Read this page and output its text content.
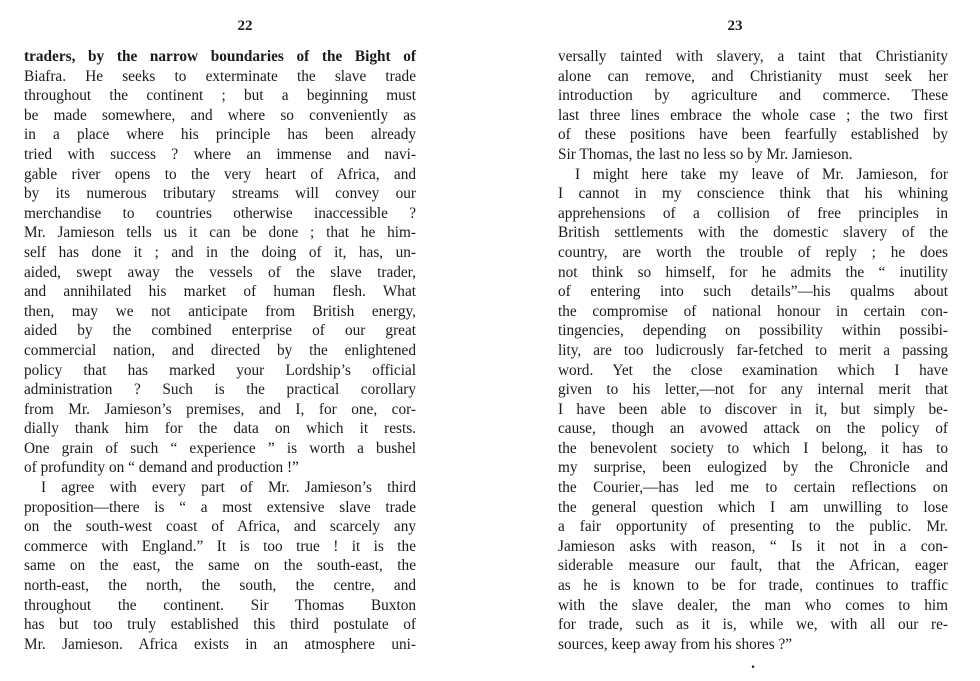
22
traders, by the narrow boundaries of the Bight of
Biafra. He seeks to exterminate the slave trade
throughout the continent ; but a beginning must
be made somewhere, and where so conveniently as
in a place where his principle has been already
tried with success ? where an immense and navi-
gable river opens to the very heart of Africa, and
by its numerous tributary streams will convey our
merchandise to countries otherwise inaccessible ?
Mr. Jamieson tells us it can be done ; that he him-
self has done it ; and in the doing of it, has, un-
aided, swept away the vessels of the slave trader,
and annihilated his market of human flesh. What
then, may we not anticipate from British energy,
aided by the combined enterprise of our great
commercial nation, and directed by the enlightened
policy that has marked your Lordship’s official
administration ? Such is the practical corollary
from Mr. Jamieson’s premises, and I, for one, cor-
dially thank him for the data on which it rests.
One grain of such “ experience ” is worth a bushel
of profundity on “ demand and production !”
I agree with every part of Mr. Jamieson’s third
proposition—there is “ a most extensive slave trade
on the south-west coast of Africa, and scarcely any
commerce with England.” It is too true ! it is the
same on the east, the same on the south-east, the
north-east, the north, the south, the centre, and
throughout the continent. Sir Thomas Buxton
has but too truly established this third postulate of
Mr. Jamieson. Africa exists in an atmosphere uni-
23
versally tainted with slavery, a taint that Christianity
alone can remove, and Christianity must seek her
introduction by agriculture and commerce. These
last three lines embrace the whole case ; the two first
of these positions have been fearfully established by
Sir Thomas, the last no less so by Mr. Jamieson.
I might here take my leave of Mr. Jamieson, for
I cannot in my conscience think that his whining
apprehensions of a collision of free principles in
British settlements with the domestic slavery of the
country, are worth the trouble of reply ; he does
not think so himself, for he admits the “ inutility
of entering into such details”—his qualms about
the compromise of national honour in certain con-
tingencies, depending on possibility within possibi-
lity, are too ludicrously far-fetched to merit a passing
word. Yet the close examination which I have
given to his letter,—not for any internal merit that
I have been able to discover in it, but simply be-
cause, though an avowed attack on the policy of
the benevolent society to which I belong, it has to
my surprise, been eulogized by the Chronicle and
the Courier,—has led me to certain reflections on
the general question which I am unwilling to lose
a fair opportunity of presenting to the public. Mr.
Jamieson asks with reason, “ Is it not in a con-
siderable measure our fault, that the African, eager
as he is known to be for trade, continues to traffic
with the slave dealer, the man who comes to him
for trade, such as it is, while we, with all our re-
sources, keep away from his shores ?”
.
